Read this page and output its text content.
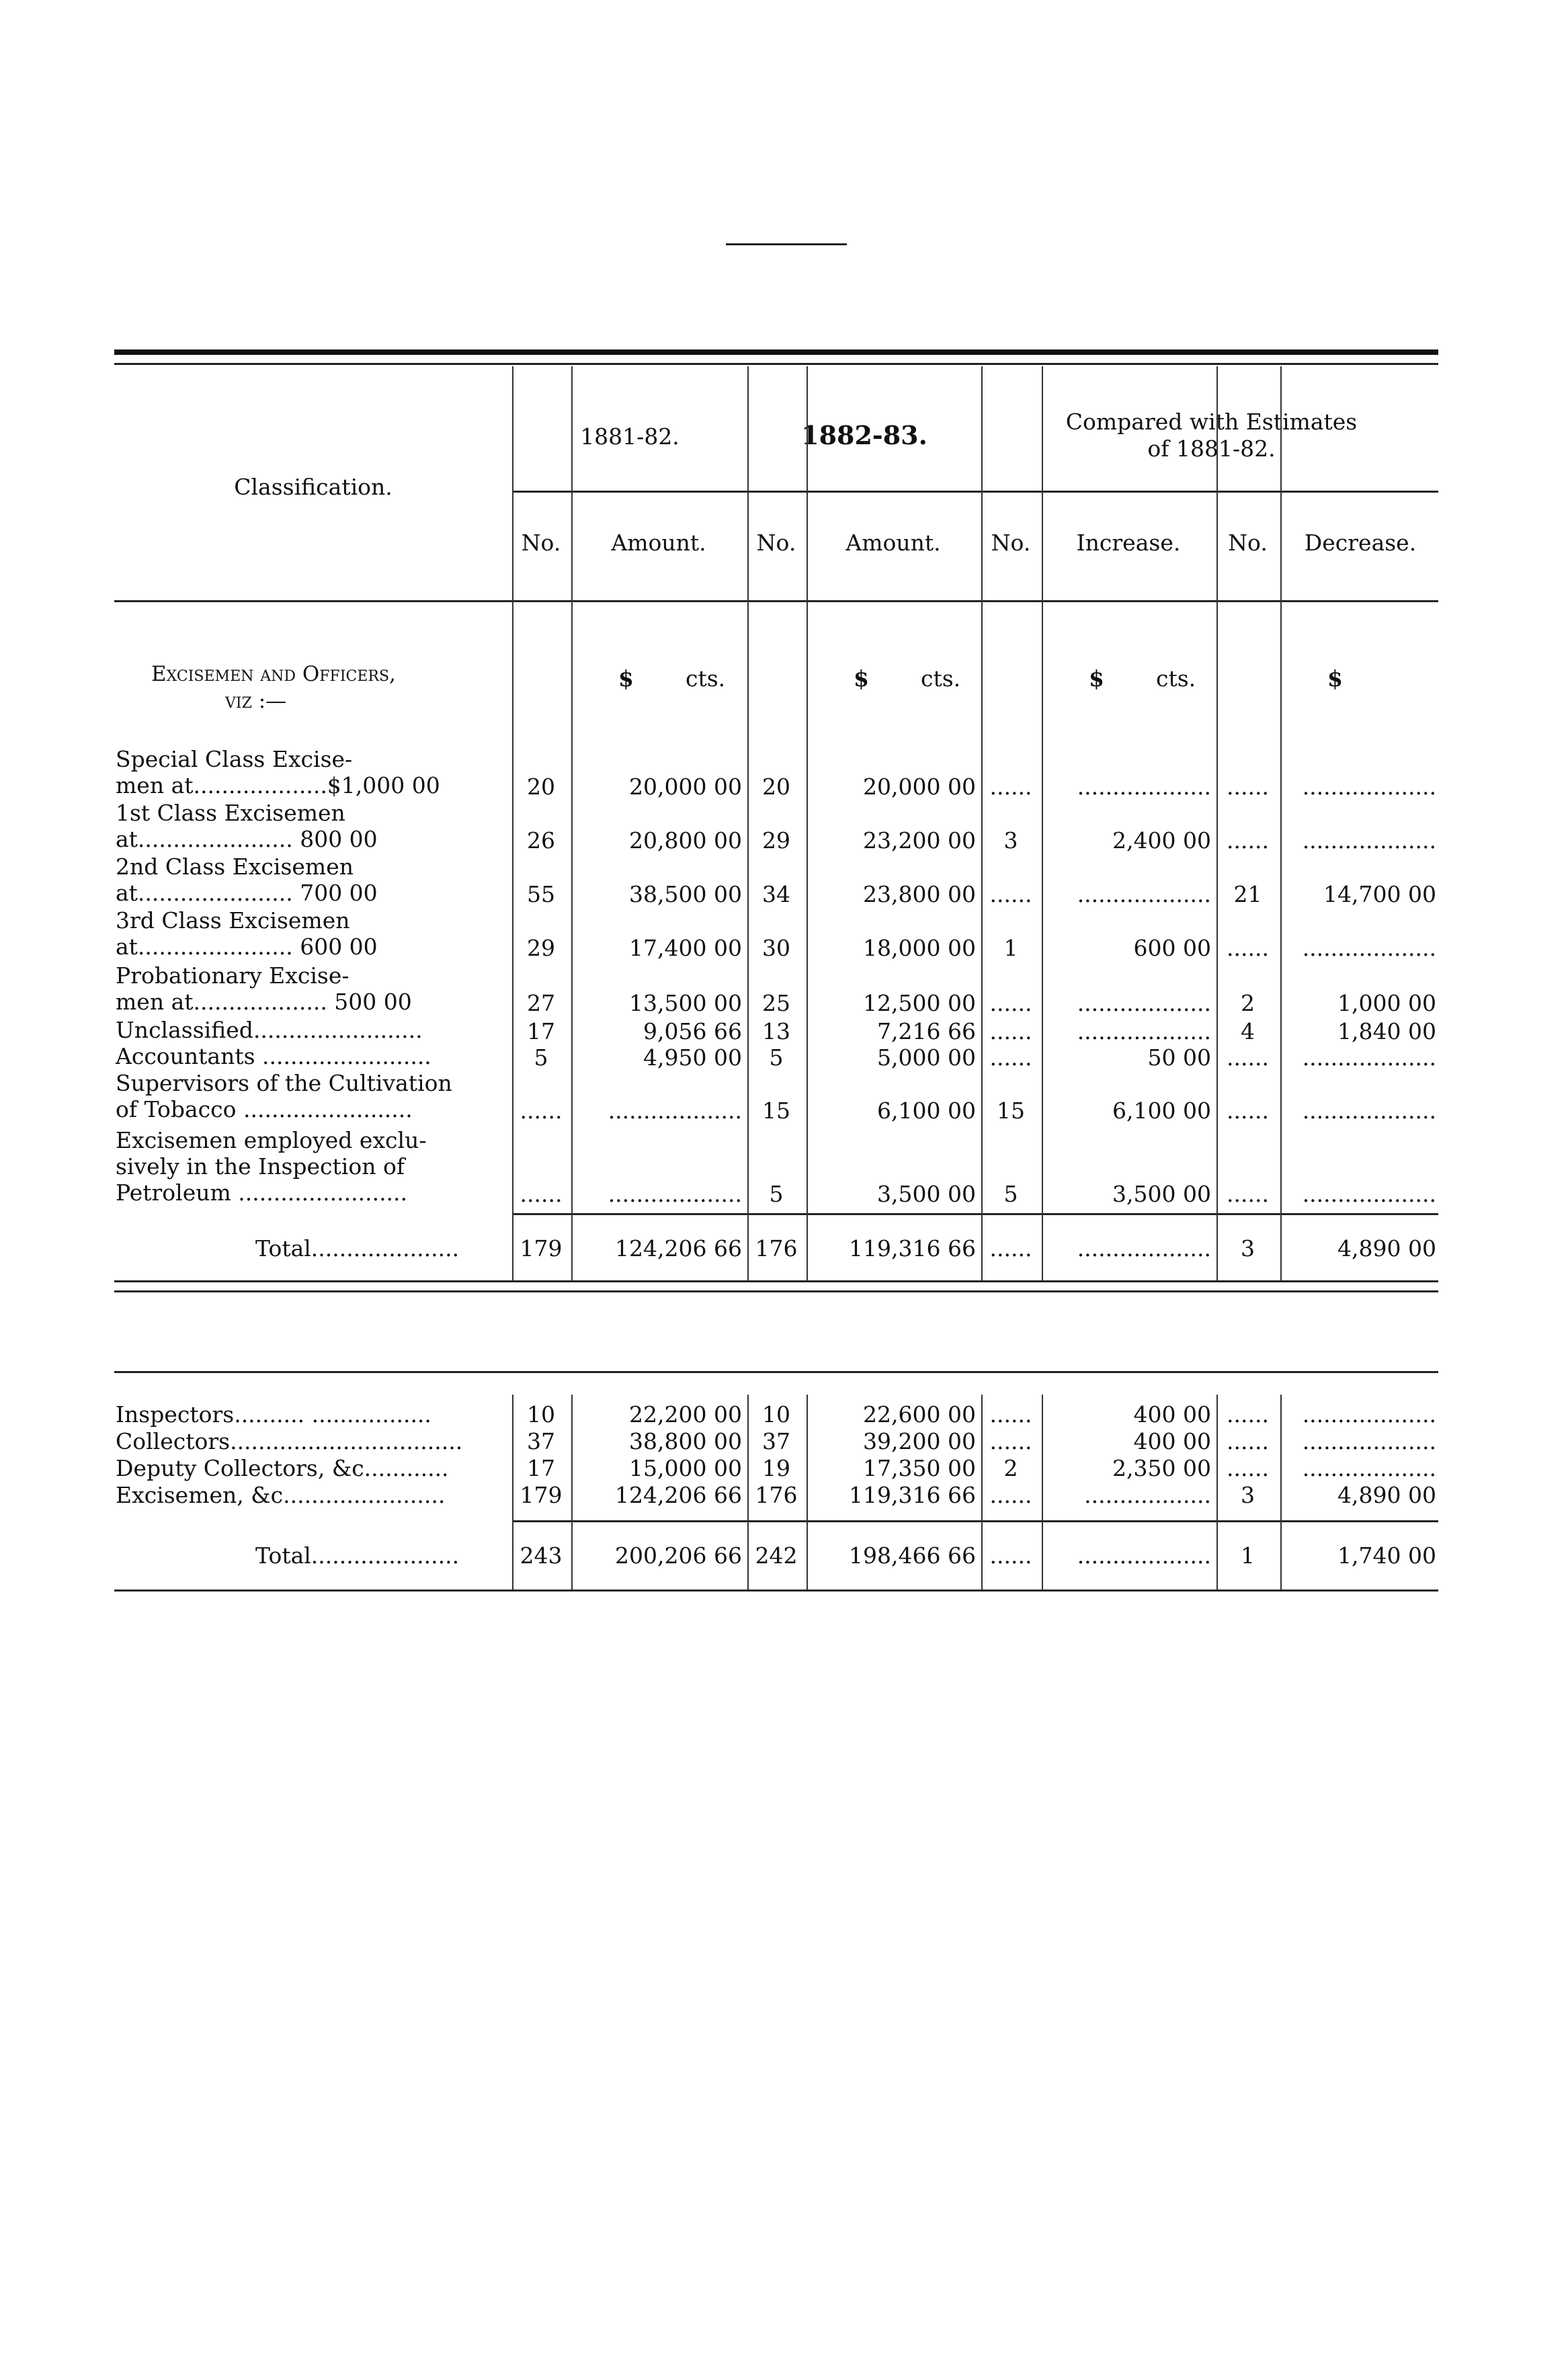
Classification.
1881-82.	1882-83.	Compared with Estimates
of 1881-82.
No.	Amount.	No.	Amount.	No.	Increase.	No.	Decrease.
Excisemen and Officers,
viz :—
$ cts.	$ cts.	$ cts.	$
Special Class Excise-
men at...................$1,000 00	20	20,000 00 20	20,000 00 ......	................... ......	...................
1st Class Excisemen
at...................... 800 00	26	20,800 00 29	23,200 00	3	2,400 00 ......	...................
2nd Class Excisemen
at...................... 700 00	55	38,500 00 34	23,800 00 ......	...................	21	14,700 00
3rd Class Excisemen
at...................... 600 00	29	17,400 00 30	18,000 00	1	600 00 ......	...................
Probationary Excise-
men at................... 500 00	27	13,500 00 25	12,500 00 ......	...................	2	1,000 00
Unclassified........................	17	9,056 66 13	7,216 66 ......	...................	4	1,840 00
Accountants ........................	5	4,950 00	5	5,000 00 ......	50 00 ......	...................
Supervisors of the Cultivation
of Tobacco ........................	......	................... 15	6,100 00 15	6,100 00 ......	...................
Excisemen employed exclu-
sively in the Inspection of
Petroleum ........................	......	...................	5	3,500 00	5	3,500 00 ......	...................
Total.....................	179	124,206 66 176	119,316 66 ......	...................	3	4,890 00
Inspectors.......... .................	10	22,200 00 10	22,600 00 ......	400 00 ......	...................
Collectors.................................	37	38,800 00 37	39,200 00 ......	400 00 ......	...................
Deputy Collectors, &c............	17	15,000 00 19	17,350 00	2	2,350 00 ......	...................
Excisemen, &c.......................	179	124,206 66 176	119,316 66 ......	..................	3	4,890 00
Total.....................	243	200,206 66 242	198,466 66 ......	...................	1	1,740 00
